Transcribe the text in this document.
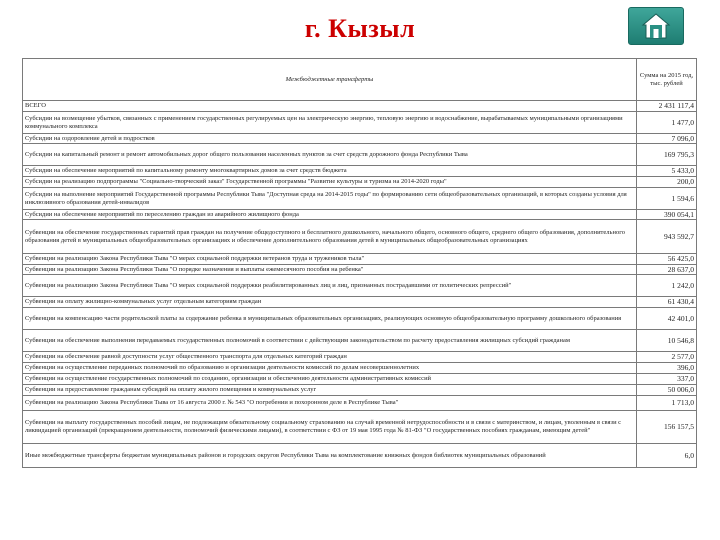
г. Кызыл
Межбюджетные трансферты	Сумма на 2015 год, тыс. рублей
ВСЕГО	2 431 117,4
Субсидии на возмещение убытков, связанных с применением государственных регулируемых цен на электрическую энергию, тепловую энергию и водоснабжение, вырабатываемых муниципальными организациями коммунального комплекса	1 477,0
Субсидии на оздоровление детей и подростков	7 096,0
Субсидии на капитальный ремонт и ремонт автомобильных дорог общего пользования населенных пунктов за счет средств дорожного фонда Республики Тыва	169 795,3
Субсидии на обеспечение мероприятий по капитальному ремонту многоквартирных домов за счет средств бюджета	5 433,0
Субсидии на реализацию подпрограммы "Социально-творческий заказ" Государственной программы "Развитие культуры и туризма на 2014-2020 годы"	200,0
Субсидии на выполнение мероприятий Государственной программы Республики Тыва "Доступная среда на 2014-2015 годы" по формированию сети общеобразовательных организаций, в которых созданы условия для инклюзивного образования детей-инвалидов	1 594,6
Субсидии на обеспечение мероприятий по переселению граждан из аварийного жилищного фонда	390 054,1
Субвенции на обеспечение государственных гарантий прав граждан на получение общедоступного и бесплатного дошкольного, начального общего, основного общего, среднего общего образования, дополнительного образования детей в муниципальных общеобразовательных организациях и обеспечение дополнительного образования детей в муниципальных общеобразовательных организациях	943 592,7
Субвенции на реализацию Закона Республики Тыва "О мерах социальной поддержки ветеранов труда и тружеников тыла"	56 425,0
Субвенции на реализацию Закона Республики Тыва "О порядке назначения и выплаты ежемесячного пособия на ребенка"	28 637,0
Субвенции на реализацию Закона Республики Тыва "О мерах социальной поддержки реабилитированных лиц и лиц, признанных пострадавшими от политических репрессий"	1 242,0
Субвенции на оплату жилищно-коммунальных услуг отдельным категориям граждан	61 430,4
Субвенции на компенсацию части родительской платы за содержание ребенка в муниципальных образовательных организациях, реализующих основную общеобразовательную программу дошкольного образования	42 401,0
Субвенции на обеспечение выполнения передаваемых государственных полномочий в соответствии с действующим законодательством по расчету предоставления жилищных субсидий гражданам	10 546,8
Субвенции на обеспечение равной доступности услуг общественного транспорта для отдельных категорий граждан	2 577,0
Субвенции на осуществление переданных полномочий по образованию и организации деятельности комиссий по делам несовершеннолетних	396,0
Субвенции на осуществление государственных полномочий по созданию, организации и обеспечению деятельности административных комиссий	337,0
Субвенции на предоставление гражданам субсидий на оплату жилого помещения и коммунальных услуг	50 006,0
Субвенции на реализацию Закона Республики Тыва от 16 августа 2000 г. № 543 "О погребении и похоронном деле в Республике Тыва"	1 713,0
Субвенции на выплату государственных пособий лицам, не подлежащим обязательному социальному страхованию на случай временной нетрудоспособности и в связи с материнством, и лицам, уволенным в связи с ликвидацией организаций (прекращением деятельности, полномочий физическими лицами), в соответствии с ФЗ от 19 мая 1995 года № 81-ФЗ "О государственных пособиях гражданам, имеющим детей"	156 157,5
Иные межбюджетные трансферты бюджетам муниципальных районов и городских округов Республики Тыва на комплектование книжных фондов библиотек муниципальных образований	6,0
